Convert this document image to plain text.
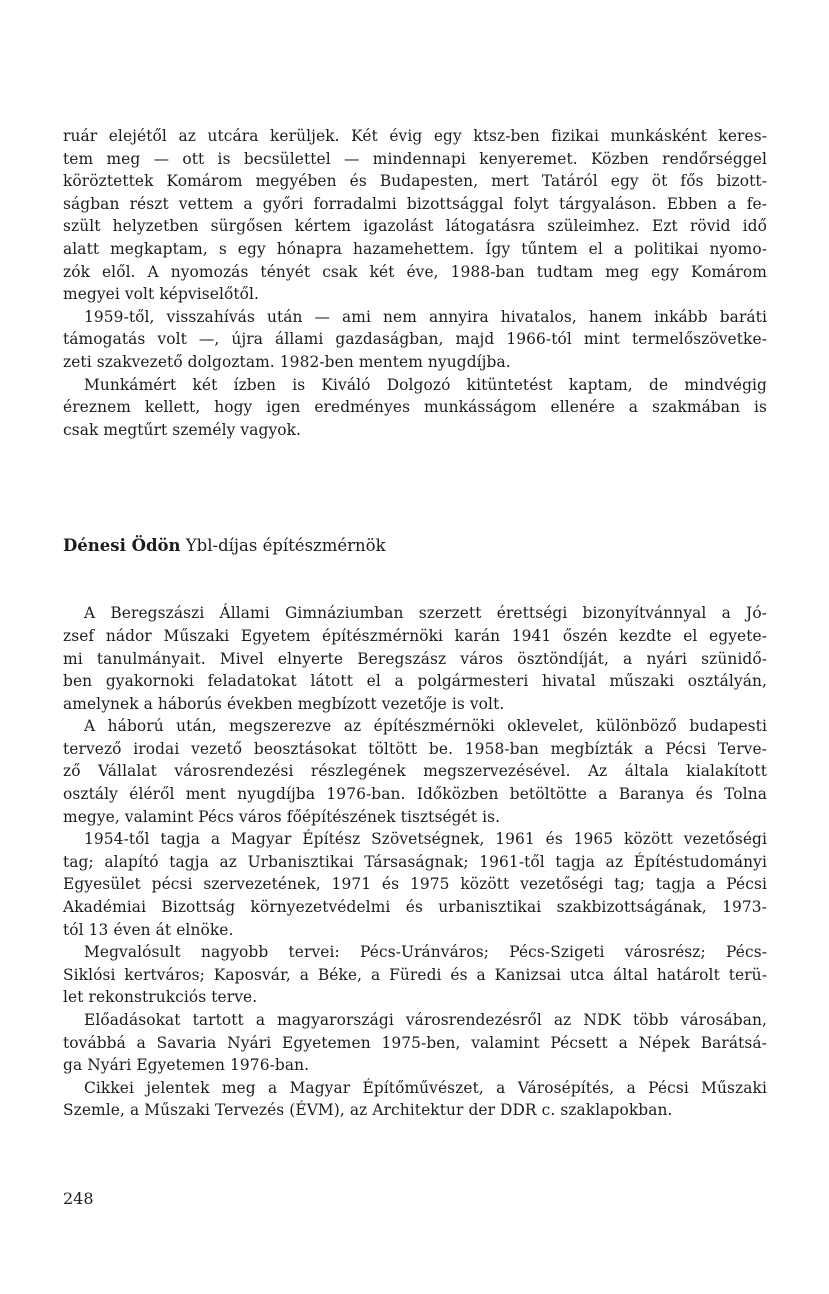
ruár elejétől az utcára kerüljek. Két évig egy ktsz-ben fizikai munkásként keres-
tem meg — ott is becsülettel — mindennapi kenyeremet. Közben rendőrséggel
köröztettek Komárom megyében és Budapesten, mert Tatáról egy öt fős bizott-
ságban részt vettem a győri forradalmi bizottsággal folyt tárgyaláson. Ebben a fe-
szült helyzetben sürgősen kértem igazolást látogatásra szüleimhez. Ezt rövid idő
alatt megkaptam, s egy hónapra hazamehettem. Így tűntem el a politikai nyomo-
zók elől. A nyomozás tényét csak két éve, 1988-ban tudtam meg egy Komárom
megyei volt képviselőtől.
1959-től, visszahívás után — ami nem annyira hivatalos, hanem inkább baráti
támogatás volt —, újra állami gazdaságban, majd 1966-tól mint termelőszövetke-
zeti szakvezető dolgoztam. 1982-ben mentem nyugdíjba.
Munkámért két ízben is Kiváló Dolgozó kitüntetést kaptam, de mindvégig
éreznem kellett, hogy igen eredményes munkásságom ellenére a szakmában is
csak megtűrt személy vagyok.
Dénesi Ödön Ybl-díjas építészmérnök
A Beregszászi Állami Gimnáziumban szerzett érettségi bizonyítvánnyal a Jó-
zsef nádor Műszaki Egyetem építészmérnöki karán 1941 őszén kezdte el egyete-
mi tanulmányait. Mivel elnyerte Beregszász város ösztöndíját, a nyári szünidő-
ben gyakornoki feladatokat látott el a polgármesteri hivatal műszaki osztályán,
amelynek a háborús években megbízott vezetője is volt.
A háború után, megszerezve az építészmérnöki oklevelet, különböző budapesti
tervező irodai vezető beosztásokat töltött be. 1958-ban megbízták a Pécsi Terve-
ző Vállalat városrendezési részlegének megszervezésével. Az általa kialakított
osztály éléről ment nyugdíjba 1976-ban. Időközben betöltötte a Baranya és Tolna
megye, valamint Pécs város főépítészének tisztségét is.
1954-től tagja a Magyar Építész Szövetségnek, 1961 és 1965 között vezetőségi
tag; alapító tagja az Urbanisztikai Társaságnak; 1961-től tagja az Építéstudományi
Egyesület pécsi szervezetének, 1971 és 1975 között vezetőségi tag; tagja a Pécsi
Akadémiai Bizottság környezetvédelmi és urbanisztikai szakbizottságának, 1973-
tól 13 éven át elnöke.
Megvalósult nagyobb tervei: Pécs-Uránváros; Pécs-Szigeti városrész; Pécs-
Siklósi kertváros; Kaposvár, a Béke, a Füredi és a Kanizsai utca által határolt terü-
let rekonstrukciós terve.
Előadásokat tartott a magyarországi városrendezésről az NDK több városában,
továbbá a Savaria Nyári Egyetemen 1975-ben, valamint Pécsett a Népek Barátsá-
ga Nyári Egyetemen 1976-ban.
Cikkei jelentek meg a Magyar Építőművészet, a Városépítés, a Pécsi Műszaki
Szemle, a Műszaki Tervezés (ÉVM), az Architektur der DDR c. szaklapokban.
248
